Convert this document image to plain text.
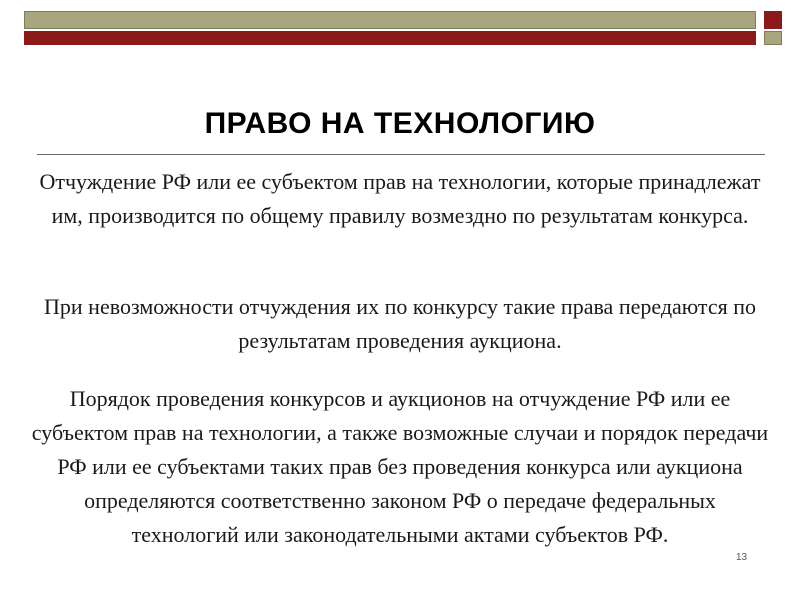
ПРАВО НА ТЕХНОЛОГИЮ

Отчуждение РФ или ее субъектом прав на технологии, которые принадлежат им, производится по общему правилу возмездно по результатам конкурса.

При невозможности отчуждения их по конкурсу такие права передаются по результатам проведения аукциона.

Порядок проведения конкурсов и аукционов на отчуждение РФ или ее субъектом прав на технологии, а также возможные случаи и порядок передачи РФ или ее субъектами таких прав без проведения конкурса или аукциона определяются соответственно законом РФ о передаче федеральных технологий или законодательными актами субъектов РФ.

13
